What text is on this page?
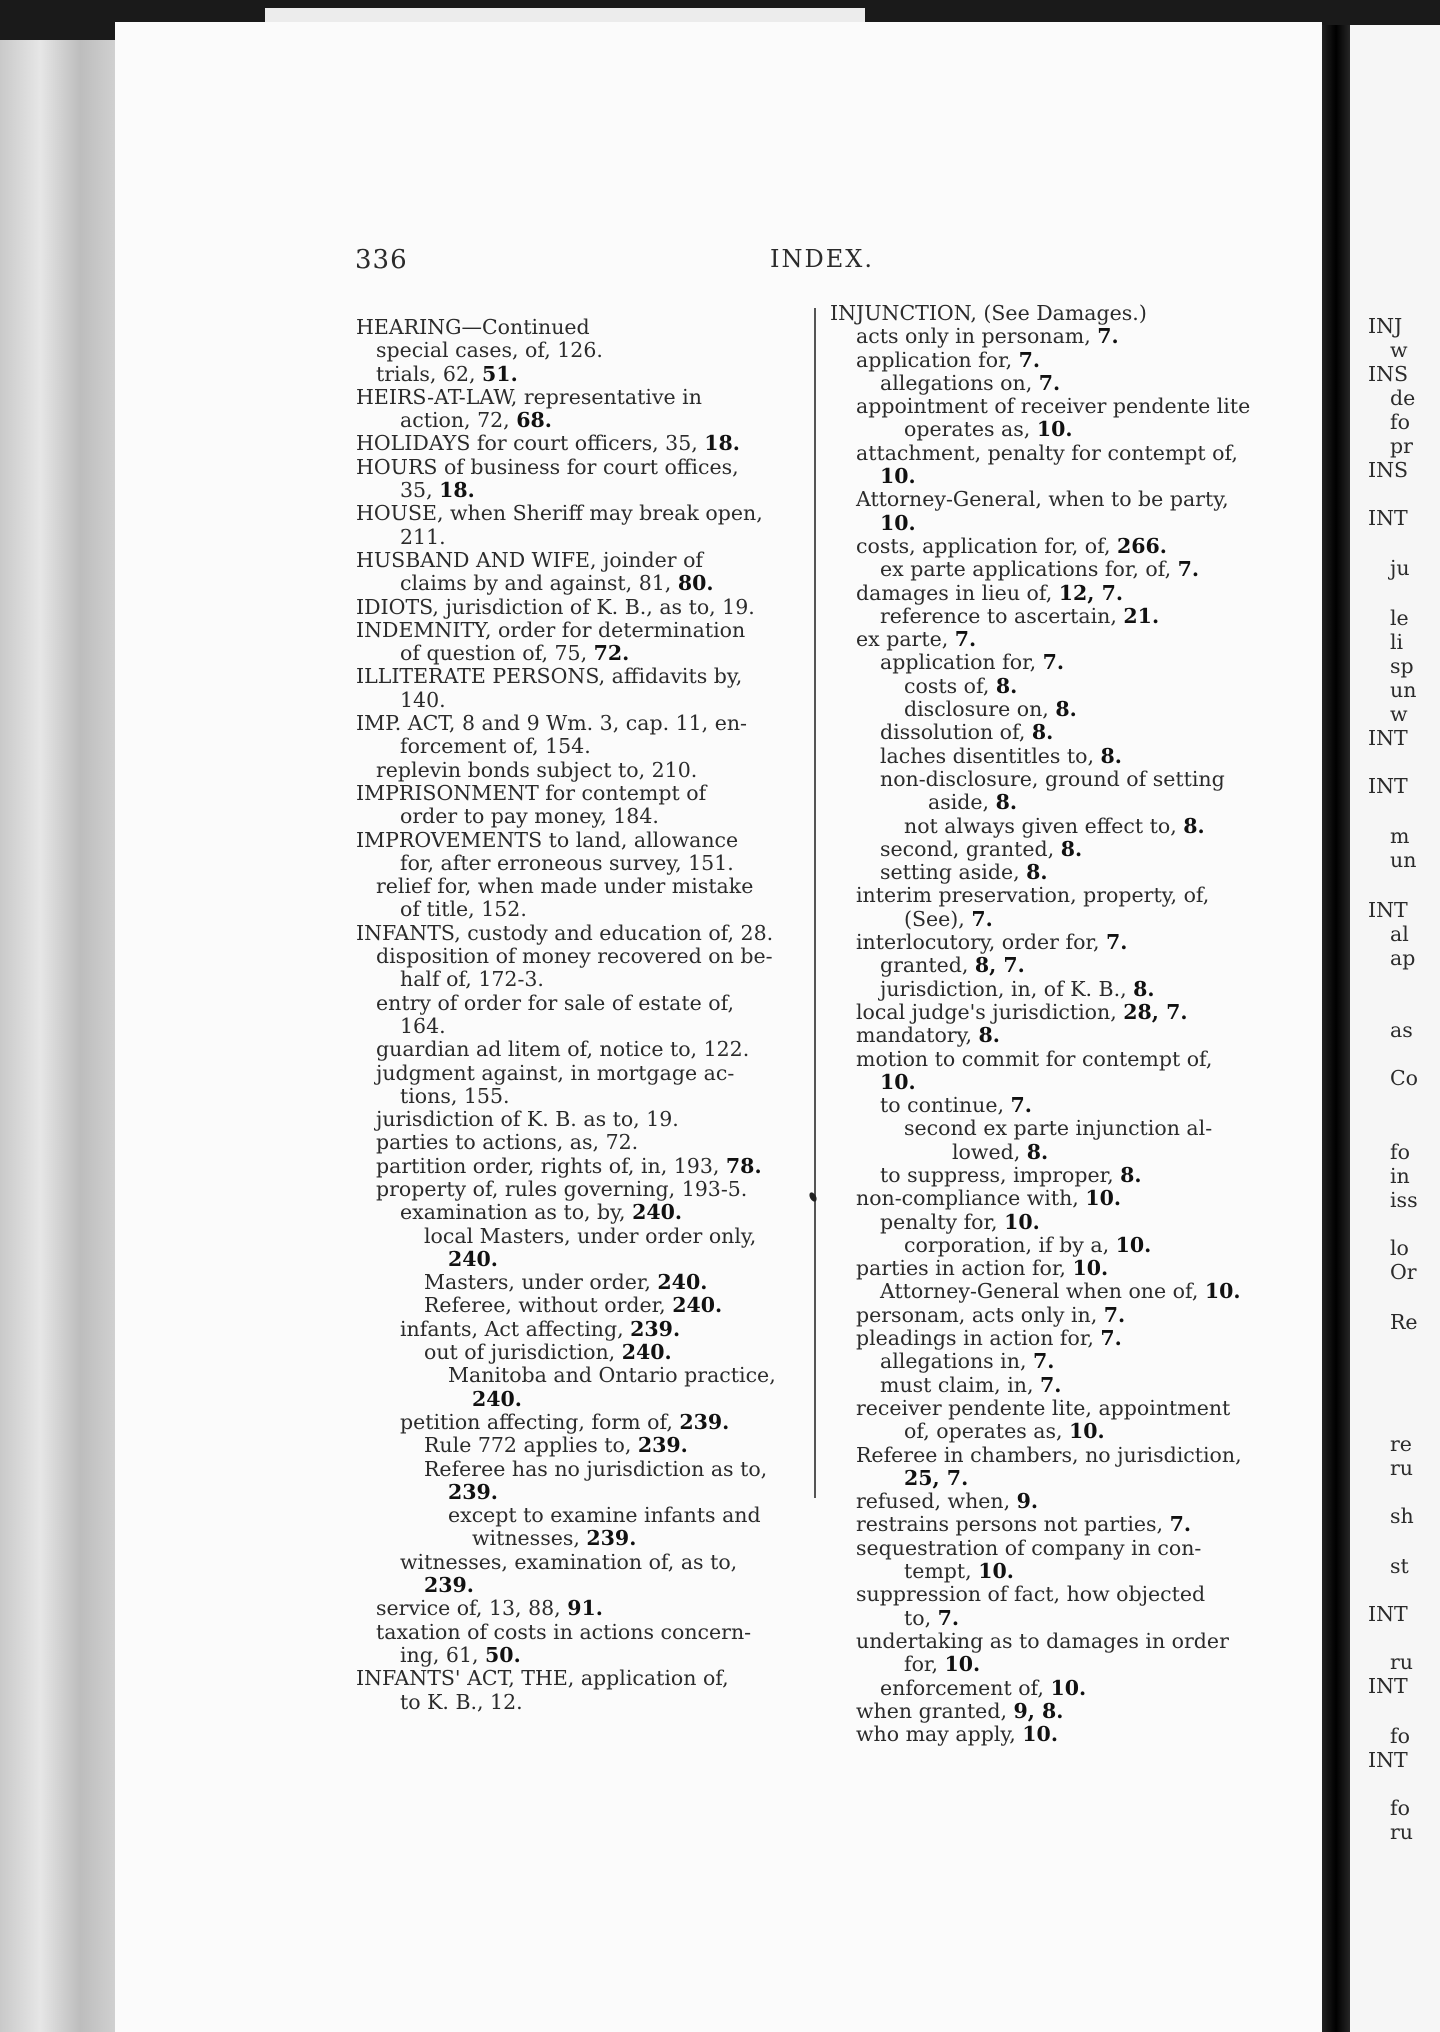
336	INDEX.
HEARING—Continued
special cases, of, 126.
trials, 62, 51.
HEIRS-AT-LAW, representative in
action, 72, 68.
HOLIDAYS for court officers, 35, 18.
HOURS of business for court offices,
35, 18.
HOUSE, when Sheriff may break open,
211.
HUSBAND AND WIFE, joinder of
claims by and against, 81, 80.
IDIOTS, jurisdiction of K. B., as to, 19.
INDEMNITY, order for determination
of question of, 75, 72.
ILLITERATE PERSONS, affidavits by,
140.
IMP. ACT, 8 and 9 Wm. 3, cap. 11, en-
forcement of, 154.
replevin bonds subject to, 210.
IMPRISONMENT for contempt of
order to pay money, 184.
IMPROVEMENTS to land, allowance
for, after erroneous survey, 151.
relief for, when made under mistake
of title, 152.
INFANTS, custody and education of, 28.
disposition of money recovered on be-
half of, 172-3.
entry of order for sale of estate of,
164.
guardian ad litem of, notice to, 122.
judgment against, in mortgage ac-
tions, 155.
jurisdiction of K. B. as to, 19.
parties to actions, as, 72.
partition order, rights of, in, 193, 78.
property of, rules governing, 193-5.
examination as to, by, 240.
local Masters, under order only,
240.
Masters, under order, 240.
Referee, without order, 240.
infants, Act affecting, 239.
out of jurisdiction, 240.
Manitoba and Ontario practice,
240.
petition affecting, form of, 239.
Rule 772 applies to, 239.
Referee has no jurisdiction as to,
239.
except to examine infants and
witnesses, 239.
witnesses, examination of, as to,
239.
service of, 13, 88, 91.
taxation of costs in actions concern-
ing, 61, 50.
INFANTS' ACT, THE, application of,
to K. B., 12.
INJUNCTION, (See Damages.)
acts only in personam, 7.
application for, 7.
allegations on, 7.
appointment of receiver pendente lite
operates as, 10.
attachment, penalty for contempt of,
10.
Attorney-General, when to be party,
10.
costs, application for, of, 266.
ex parte applications for, of, 7.
damages in lieu of, 12, 7.
reference to ascertain, 21.
ex parte, 7.
application for, 7.
costs of, 8.
disclosure on, 8.
dissolution of, 8.
laches disentitles to, 8.
non-disclosure, ground of setting
aside, 8.
not always given effect to, 8.
second, granted, 8.
setting aside, 8.
interim preservation, property, of,
(See), 7.
interlocutory, order for, 7.
granted, 8, 7.
jurisdiction, in, of K. B., 8.
local judge's jurisdiction, 28, 7.
mandatory, 8.
motion to commit for contempt of,
10.
to continue, 7.
second ex parte injunction al-
lowed, 8.
to suppress, improper, 8.
non-compliance with, 10.
penalty for, 10.
corporation, if by a, 10.
parties in action for, 10.
Attorney-General when one of, 10.
personam, acts only in, 7.
pleadings in action for, 7.
allegations in, 7.
must claim, in, 7.
receiver pendente lite, appointment
of, operates as, 10.
Referee in chambers, no jurisdiction,
25, 7.
refused, when, 9.
restrains persons not parties, 7.
sequestration of company in con-
tempt, 10.
suppression of fact, how objected
to, 7.
undertaking as to damages in order
for, 10.
enforcement of, 10.
when granted, 9, 8.
who may apply, 10.
INJ
w
INS
de
fo
pr
INS
INT
ju
le
li
sp
un
w
INT
INT
m
un
INT
al
ap
as
Co
fo
in
iss
lo
Or
Re
re
ru
sh
st
INT
ru
INT
fo
INT
fo
ru
